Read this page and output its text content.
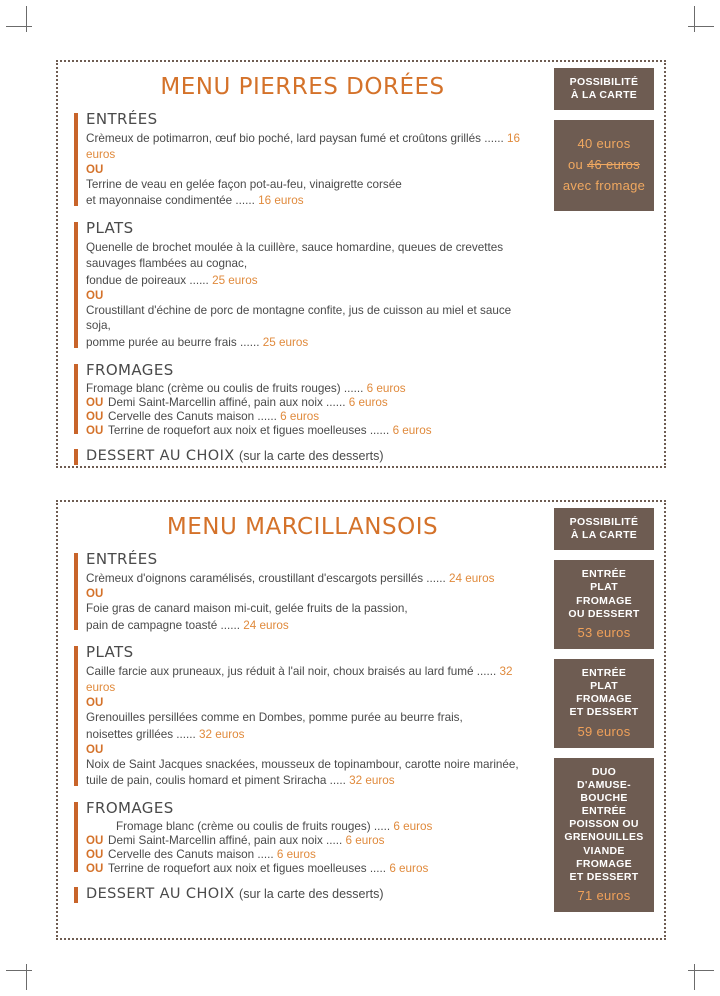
MENU PIERRES DORÉES
ENTRÉES

Crèmeux de potimarron, œuf bio poché, lard paysan fumé et croûtons grillés ...... 16 euros

OU

Terrine de veau en gelée façon pot-au-feu, vinaigrette corsée

et mayonnaise condimentée ...... 16 euros

PLATS

Quenelle de brochet moulée à la cuillère, sauce homardine, queues de crevettes sauvages flambées au cognac,

fondue de poireaux ...... 25 euros

OU

Croustillant d'échine de porc de montagne confite, jus de cuisson au miel et sauce soja,

pomme purée au beurre frais ...... 25 euros

FROMAGES

Fromage blanc (crème ou coulis de fruits rouges) ...... 6 euros

OU Demi Saint-Marcellin affiné, pain aux noix ...... 6 euros

OU Cervelle des Canuts maison ...... 6 euros

OU Terrine de roquefort aux noix et figues moelleuses ...... 6 euros

DESSERT AU CHOIX (sur la carte des desserts)
POSSIBILITÉ
À LA CARTE
40 euros
ou 46 euros
avec fromage
MENU MARCILLANSOIS
ENTRÉES

Crèmeux d'oignons caramélisés, croustillant d'escargots persillés ...... 24 euros

OU

Foie gras de canard maison mi-cuit, gelée fruits de la passion,

pain de campagne toasté ...... 24 euros

PLATS

Caille farcie aux pruneaux, jus réduit à l'ail noir, choux braisés au lard fumé ...... 32 euros

OU

Grenouilles persillées comme en Dombes, pomme purée au beurre frais,

noisettes grillées ...... 32 euros

OU

Noix de Saint Jacques snackées, mousseux de topinambour, carotte noire marinée,

tuile de pain, coulis homard et piment Sriracha ..... 32 euros

FROMAGES

Fromage blanc (crème ou coulis de fruits rouges) ..... 6 euros

OU Demi Saint-Marcellin affiné, pain aux noix ..... 6 euros

OU Cervelle des Canuts maison ..... 6 euros

OU Terrine de roquefort aux noix et figues moelleuses ..... 6 euros

DESSERT AU CHOIX (sur la carte des desserts)
POSSIBILITÉ
À LA CARTE
ENTRÉE
PLAT
FROMAGE
OU DESSERT
53 euros
ENTRÉE
PLAT
FROMAGE
ET DESSERT
59 euros
DUO
D'AMUSE-
BOUCHE
ENTRÉE
POISSON OU
GRENOUILLES
VIANDE
FROMAGE
ET DESSERT
71 euros
